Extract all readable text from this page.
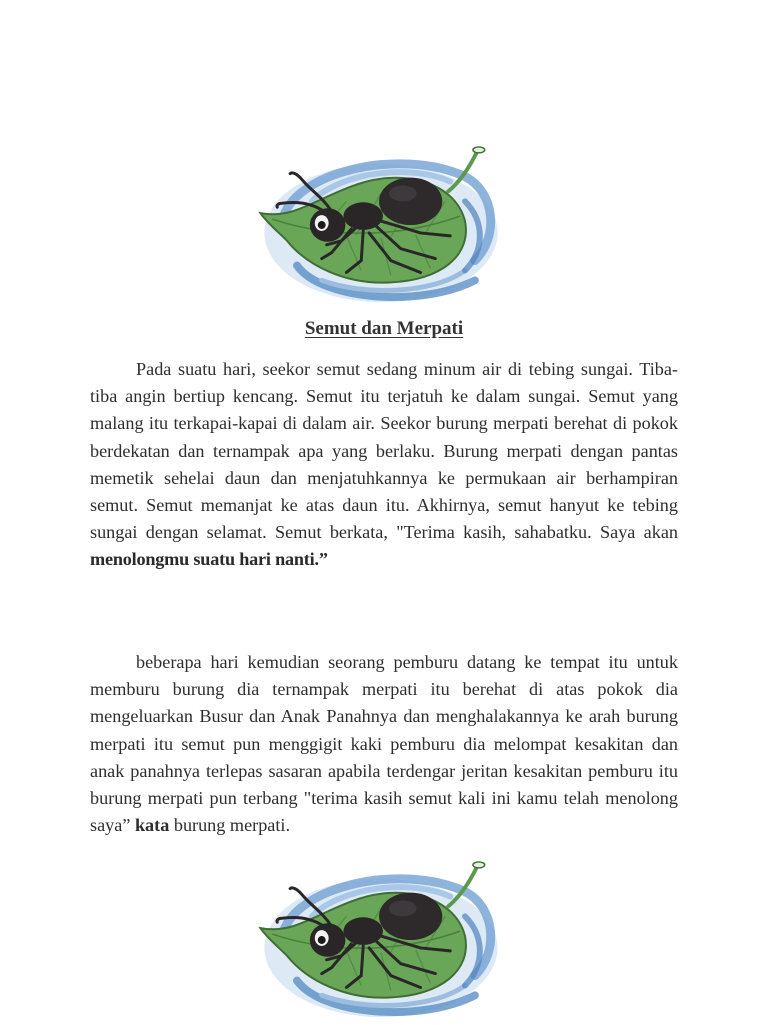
Semut dan Merpati

Pada suatu hari, seekor semut sedang minum air di tebing sungai. Tiba-tiba angin bertiup kencang. Semut itu terjatuh ke dalam sungai. Semut yang malang itu terkapai-kapai di dalam air. Seekor burung merpati berehat di pokok berdekatan dan ternampak apa yang berlaku. Burung merpati dengan pantas memetik sehelai daun dan menjatuhkannya ke permukaan air berhampiran semut. Semut memanjat ke atas daun itu. Akhirnya, semut hanyut ke tebing sungai dengan selamat. Semut berkata, "Terima kasih, sahabatku. Saya akan menolongmu suatu hari nanti.”

beberapa hari kemudian seorang pemburu datang ke tempat itu untuk memburu burung dia ternampak merpati itu berehat di atas pokok dia mengeluarkan Busur dan Anak Panahnya dan menghalakannya ke arah burung merpati itu semut pun menggigit kaki pemburu dia melompat kesakitan dan anak panahnya terlepas sasaran apabila terdengar jeritan kesakitan pemburu itu burung merpati pun terbang "terima kasih semut kali ini kamu telah menolong saya” kata burung merpati.
